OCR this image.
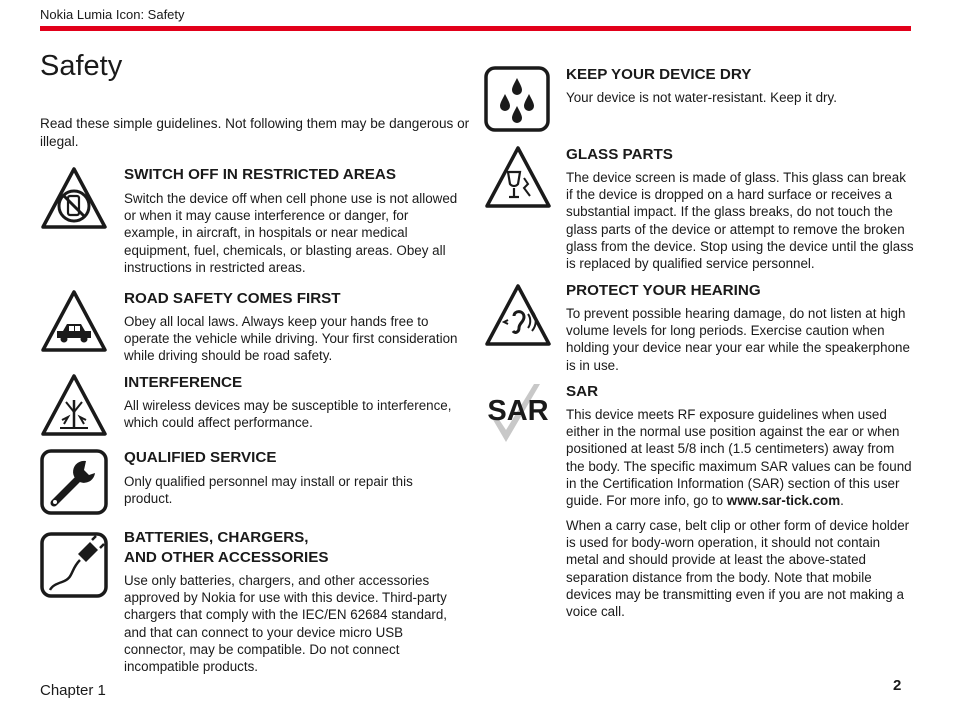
Nokia Lumia Icon: Safety
Safety

Read these simple guidelines. Not following them may be dangerous or illegal.

SWITCH OFF IN RESTRICTED AREAS

Switch the device off when cell phone use is not allowed or when it may cause interference or danger, for example, in aircraft, in hospitals or near medical equipment, fuel, chemicals, or blasting areas. Obey all instructions in restricted areas.

ROAD SAFETY COMES FIRST

Obey all local laws. Always keep your hands free to operate the vehicle while driving. Your first consideration while driving should be road safety.

INTERFERENCE

All wireless devices may be susceptible to interference, which could affect performance.

QUALIFIED SERVICE

Only qualified personnel may install or repair this product.

BATTERIES, CHARGERS,
AND OTHER ACCESSORIES

Use only batteries, chargers, and other accessories approved by Nokia for use with this device. Third-party chargers that comply with the IEC/EN 62684 standard, and that can connect to your device micro USB connector, may be compatible. Do not connect incompatible products.

KEEP YOUR DEVICE DRY

Your device is not water-resistant. Keep it dry.

GLASS PARTS

The device screen is made of glass. This glass can break if the device is dropped on a hard surface or receives a substantial impact. If the glass breaks, do not touch the glass parts of the device or attempt to remove the broken glass from the device. Stop using the device until the glass is replaced by qualified service personnel.

PROTECT YOUR HEARING

To prevent possible hearing damage, do not listen at high volume levels for long periods. Exercise caution when holding your device near your ear while the speakerphone is in use.

SAR
SAR

This device meets RF exposure guidelines when used either in the normal use position against the ear or when positioned at least 5/8 inch (1.5 centimeters) away from the body. The specific maximum SAR values can be found in the Certification Information (SAR) section of this user guide. For more info, go to www.sar-tick.com.

When a carry case, belt clip or other form of device holder is used for body-worn operation, it should not contain metal and should provide at least the above-stated separation distance from the body. Note that mobile devices may be transmitting even if you are not making a voice call.

Chapter 1	2
